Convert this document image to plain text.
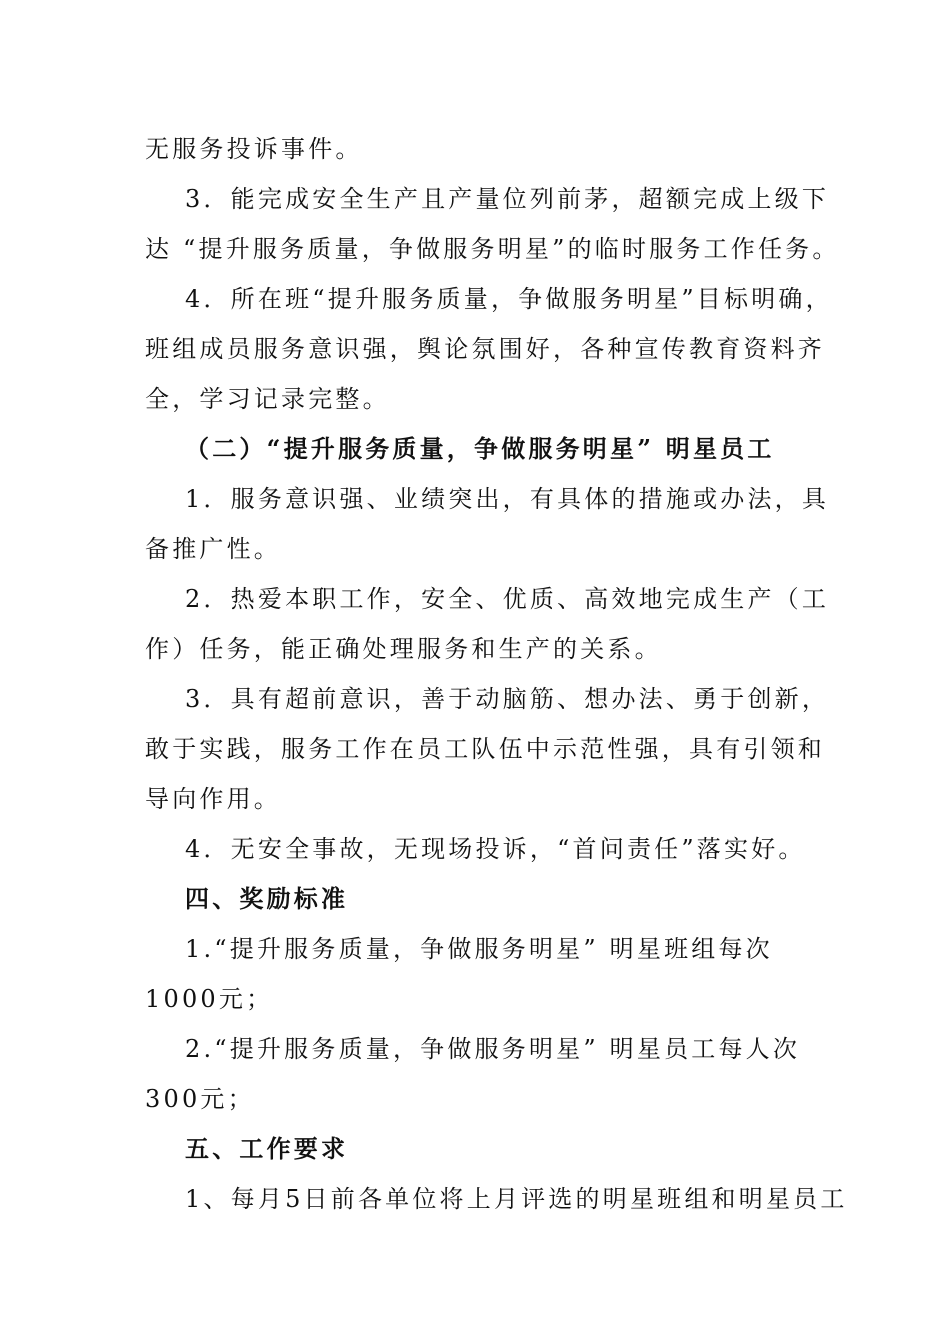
无服务投诉事件。
3．能完成安全生产且产量位列前茅，超额完成上级下
达 “提升服务质量，争做服务明星”的临时服务工作任务。
4．所在班“提升服务质量，争做服务明星”目标明确，
班组成员服务意识强，舆论氛围好，各种宣传教育资料齐
全，学习记录完整。
（二）“提升服务质量，争做服务明星” 明星员工
1．服务意识强、业绩突出，有具体的措施或办法，具
备推广性。
2．热爱本职工作，安全、优质、高效地完成生产（工
作）任务，能正确处理服务和生产的关系。
3．具有超前意识，善于动脑筋、想办法、勇于创新，
敢于实践，服务工作在员工队伍中示范性强，具有引领和
导向作用。
4．无安全事故，无现场投诉，“首问责任”落实好。
四、奖励标准
1.“提升服务质量，争做服务明星” 明星班组每次
1000元；
2.“提升服务质量，争做服务明星” 明星员工每人次
300元；
五、工作要求
1、每月5日前各单位将上月评选的明星班组和明星员工
